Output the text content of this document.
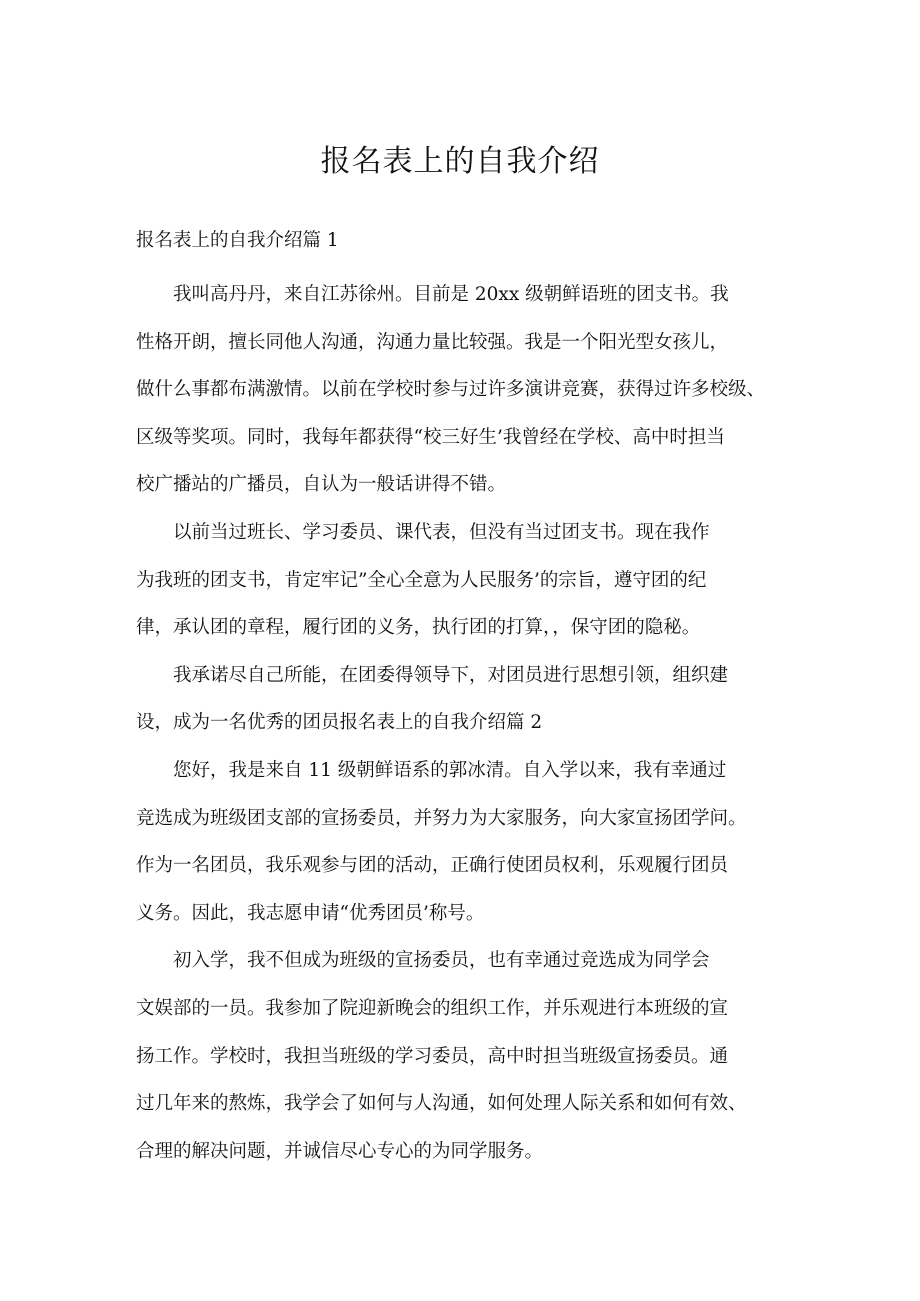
报名表上的自我介绍
报名表上的自我介绍篇 1
我叫高丹丹，来自江苏徐州。目前是 20xx 级朝鲜语班的团支书。我
性格开朗，擅长同他人沟通，沟通力量比较强。我是一个阳光型女孩儿，
做什么事都布满激情。以前在学校时参与过许多演讲竞赛，获得过许多校级、
区级等奖项。同时，我每年都获得“校三好生’我曾经在学校、高中时担当
校广播站的广播员，自认为一般话讲得不错。
以前当过班长、学习委员、课代表，但没有当过团支书。现在我作
为我班的团支书，肯定牢记”全心全意为人民服务’的宗旨，遵守团的纪
律，承认团的章程，履行团的义务，执行团的打算，，保守团的隐秘。
我承诺尽自己所能，在团委得领导下，对团员进行思想引领，组织建
设，成为一名优秀的团员报名表上的自我介绍篇 2
您好，我是来自 11 级朝鲜语系的郭冰清。自入学以来，我有幸通过
竞选成为班级团支部的宣扬委员，并努力为大家服务，向大家宣扬团学问。
作为一名团员，我乐观参与团的活动，正确行使团员权利，乐观履行团员
义务。因此，我志愿申请“优秀团员’称号。
初入学，我不但成为班级的宣扬委员，也有幸通过竞选成为同学会
文娱部的一员。我参加了院迎新晚会的组织工作，并乐观进行本班级的宣
扬工作。学校时，我担当班级的学习委员，高中时担当班级宣扬委员。通
过几年来的熬炼，我学会了如何与人沟通，如何处理人际关系和如何有效、
合理的解决问题，并诚信尽心专心的为同学服务。
